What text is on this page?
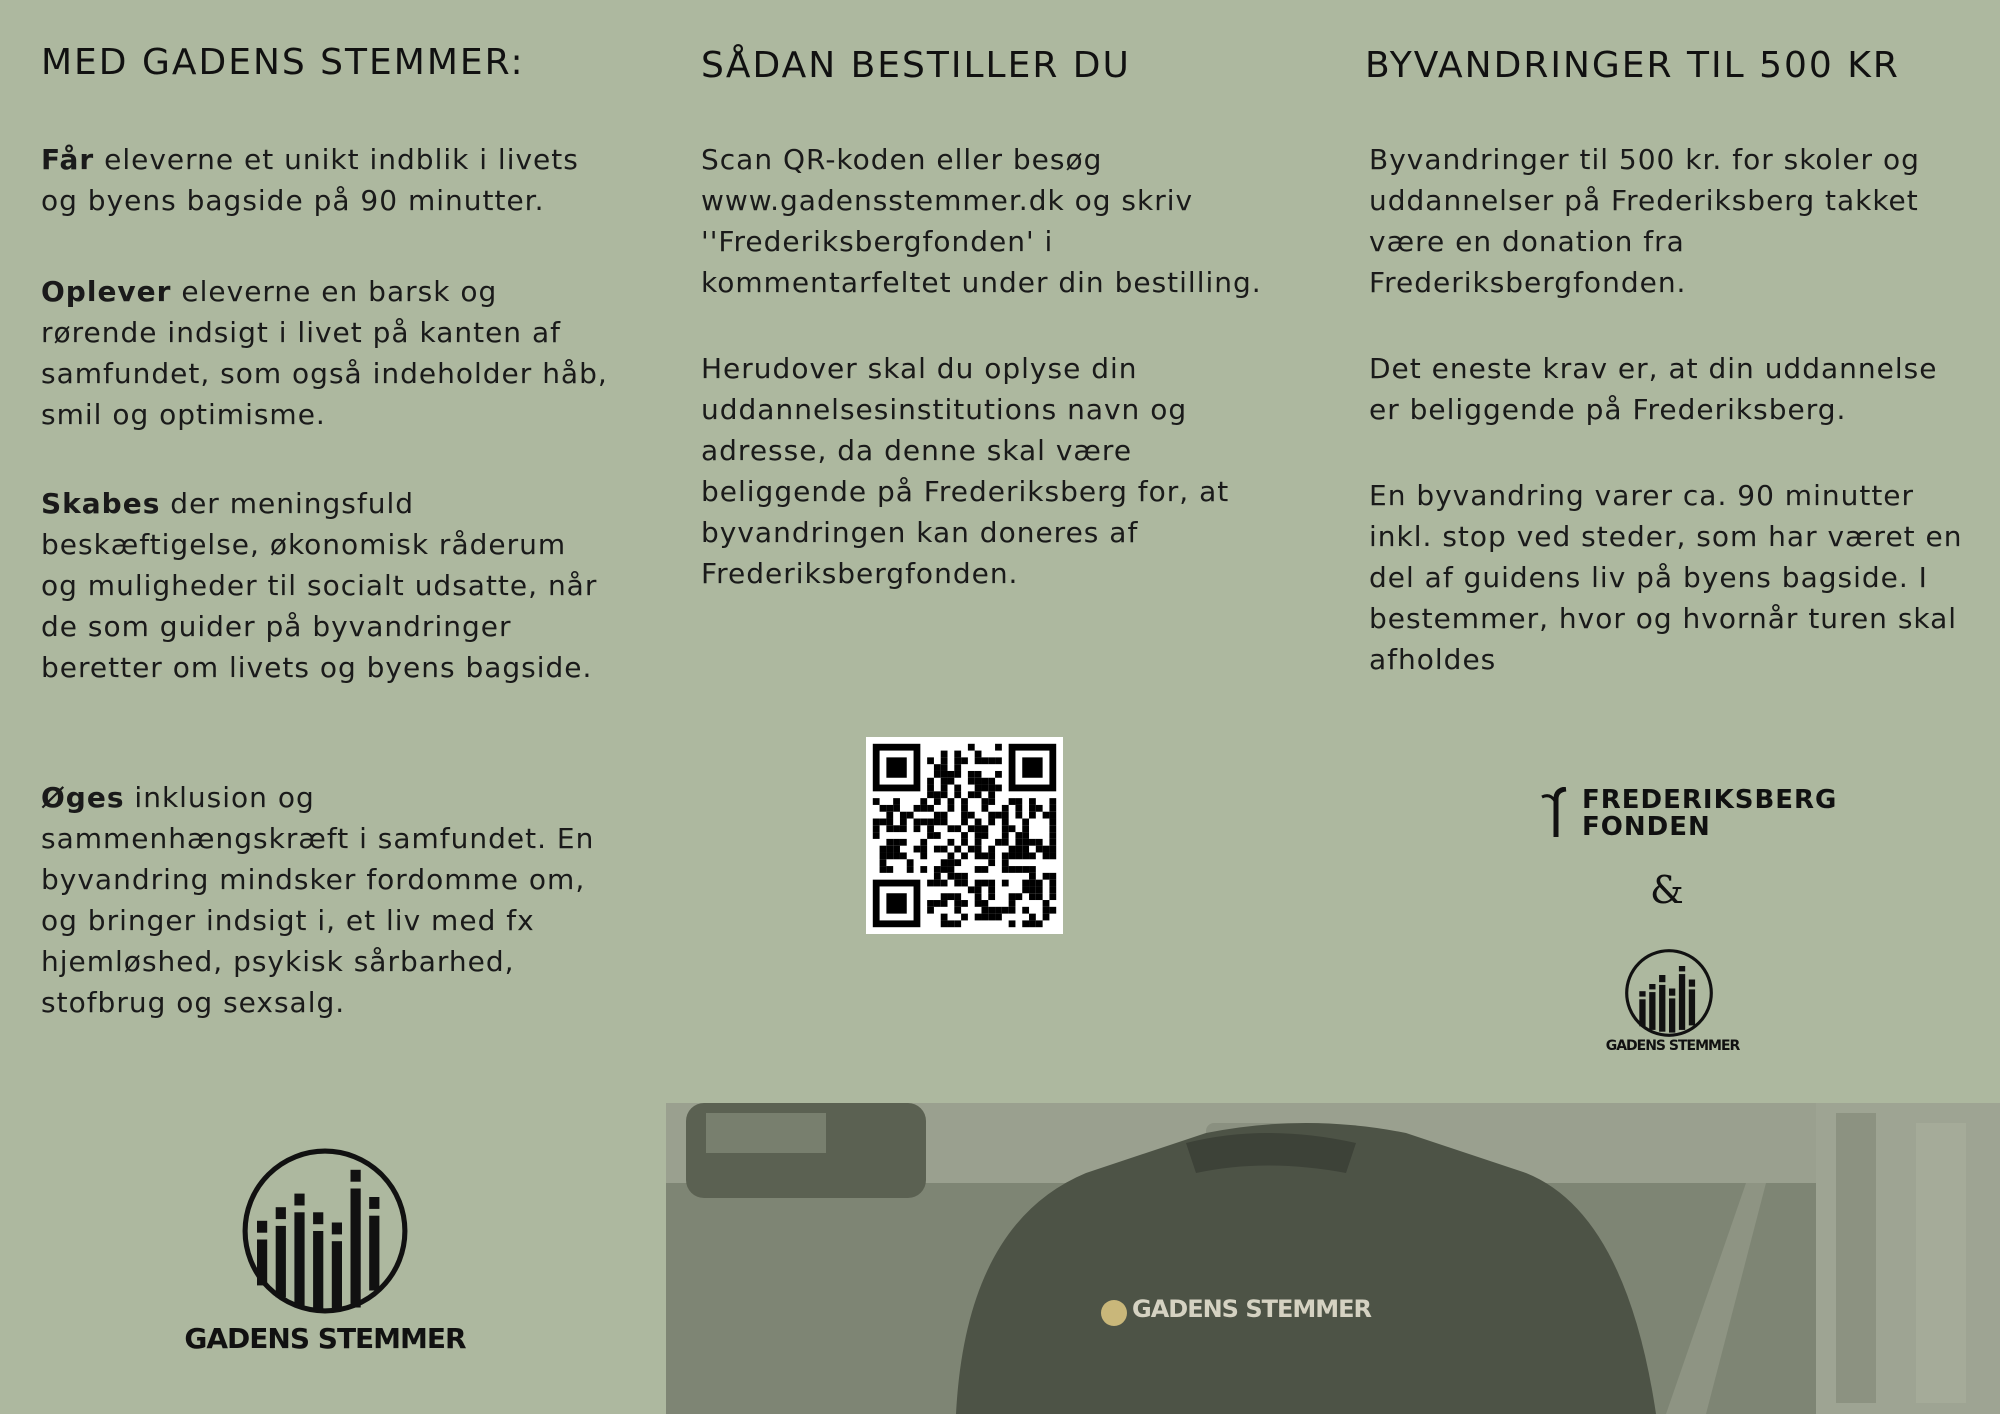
MED GADENS STEMMER:

Får eleverne et unikt indblik i livets og byens bagside på 90 minutter.

Oplever eleverne en barsk og rørende indsigt i livet på kanten af samfundet, som også indeholder håb, smil og optimisme.

Skabes der meningsfuld beskæftigelse, økonomisk råderum og muligheder til socialt udsatte, når de som guider på byvandringer beretter om livets og byens bagside.

Øges inklusion og sammenhængskræft i samfundet. En byvandring mindsker fordomme om, og bringer indsigt i, et liv med fx hjemløshed, psykisk sårbarhed, stofbrug og sexsalg.

SÅDAN BESTILLER DU

Scan QR-koden eller besøg www.gadensstemmer.dk og skriv ''Frederiksbergfonden' i kommentarfeltet under din bestilling.

Herudover skal du oplyse din uddannelsesinstitutions navn og adresse, da denne skal være beliggende på Frederiksberg for, at byvandringen kan doneres af Frederiksbergfonden.

BYVANDRINGER TIL 500 KR

Byvandringer til 500 kr. for skoler og uddannelser på Frederiksberg takket være en donation fra Frederiksbergfonden.

Det eneste krav er, at din uddannelse er beliggende på Frederiksberg.

En byvandring varer ca. 90 minutter inkl. stop ved steder, som har været en del af guidens liv på byens bagside. I bestemmer, hvor og hvornår turen skal afholdes

FREDERIKSBERG
FONDEN
&
GADENS STEMMER
GADENS STEMMER
GADENS STEMMER
